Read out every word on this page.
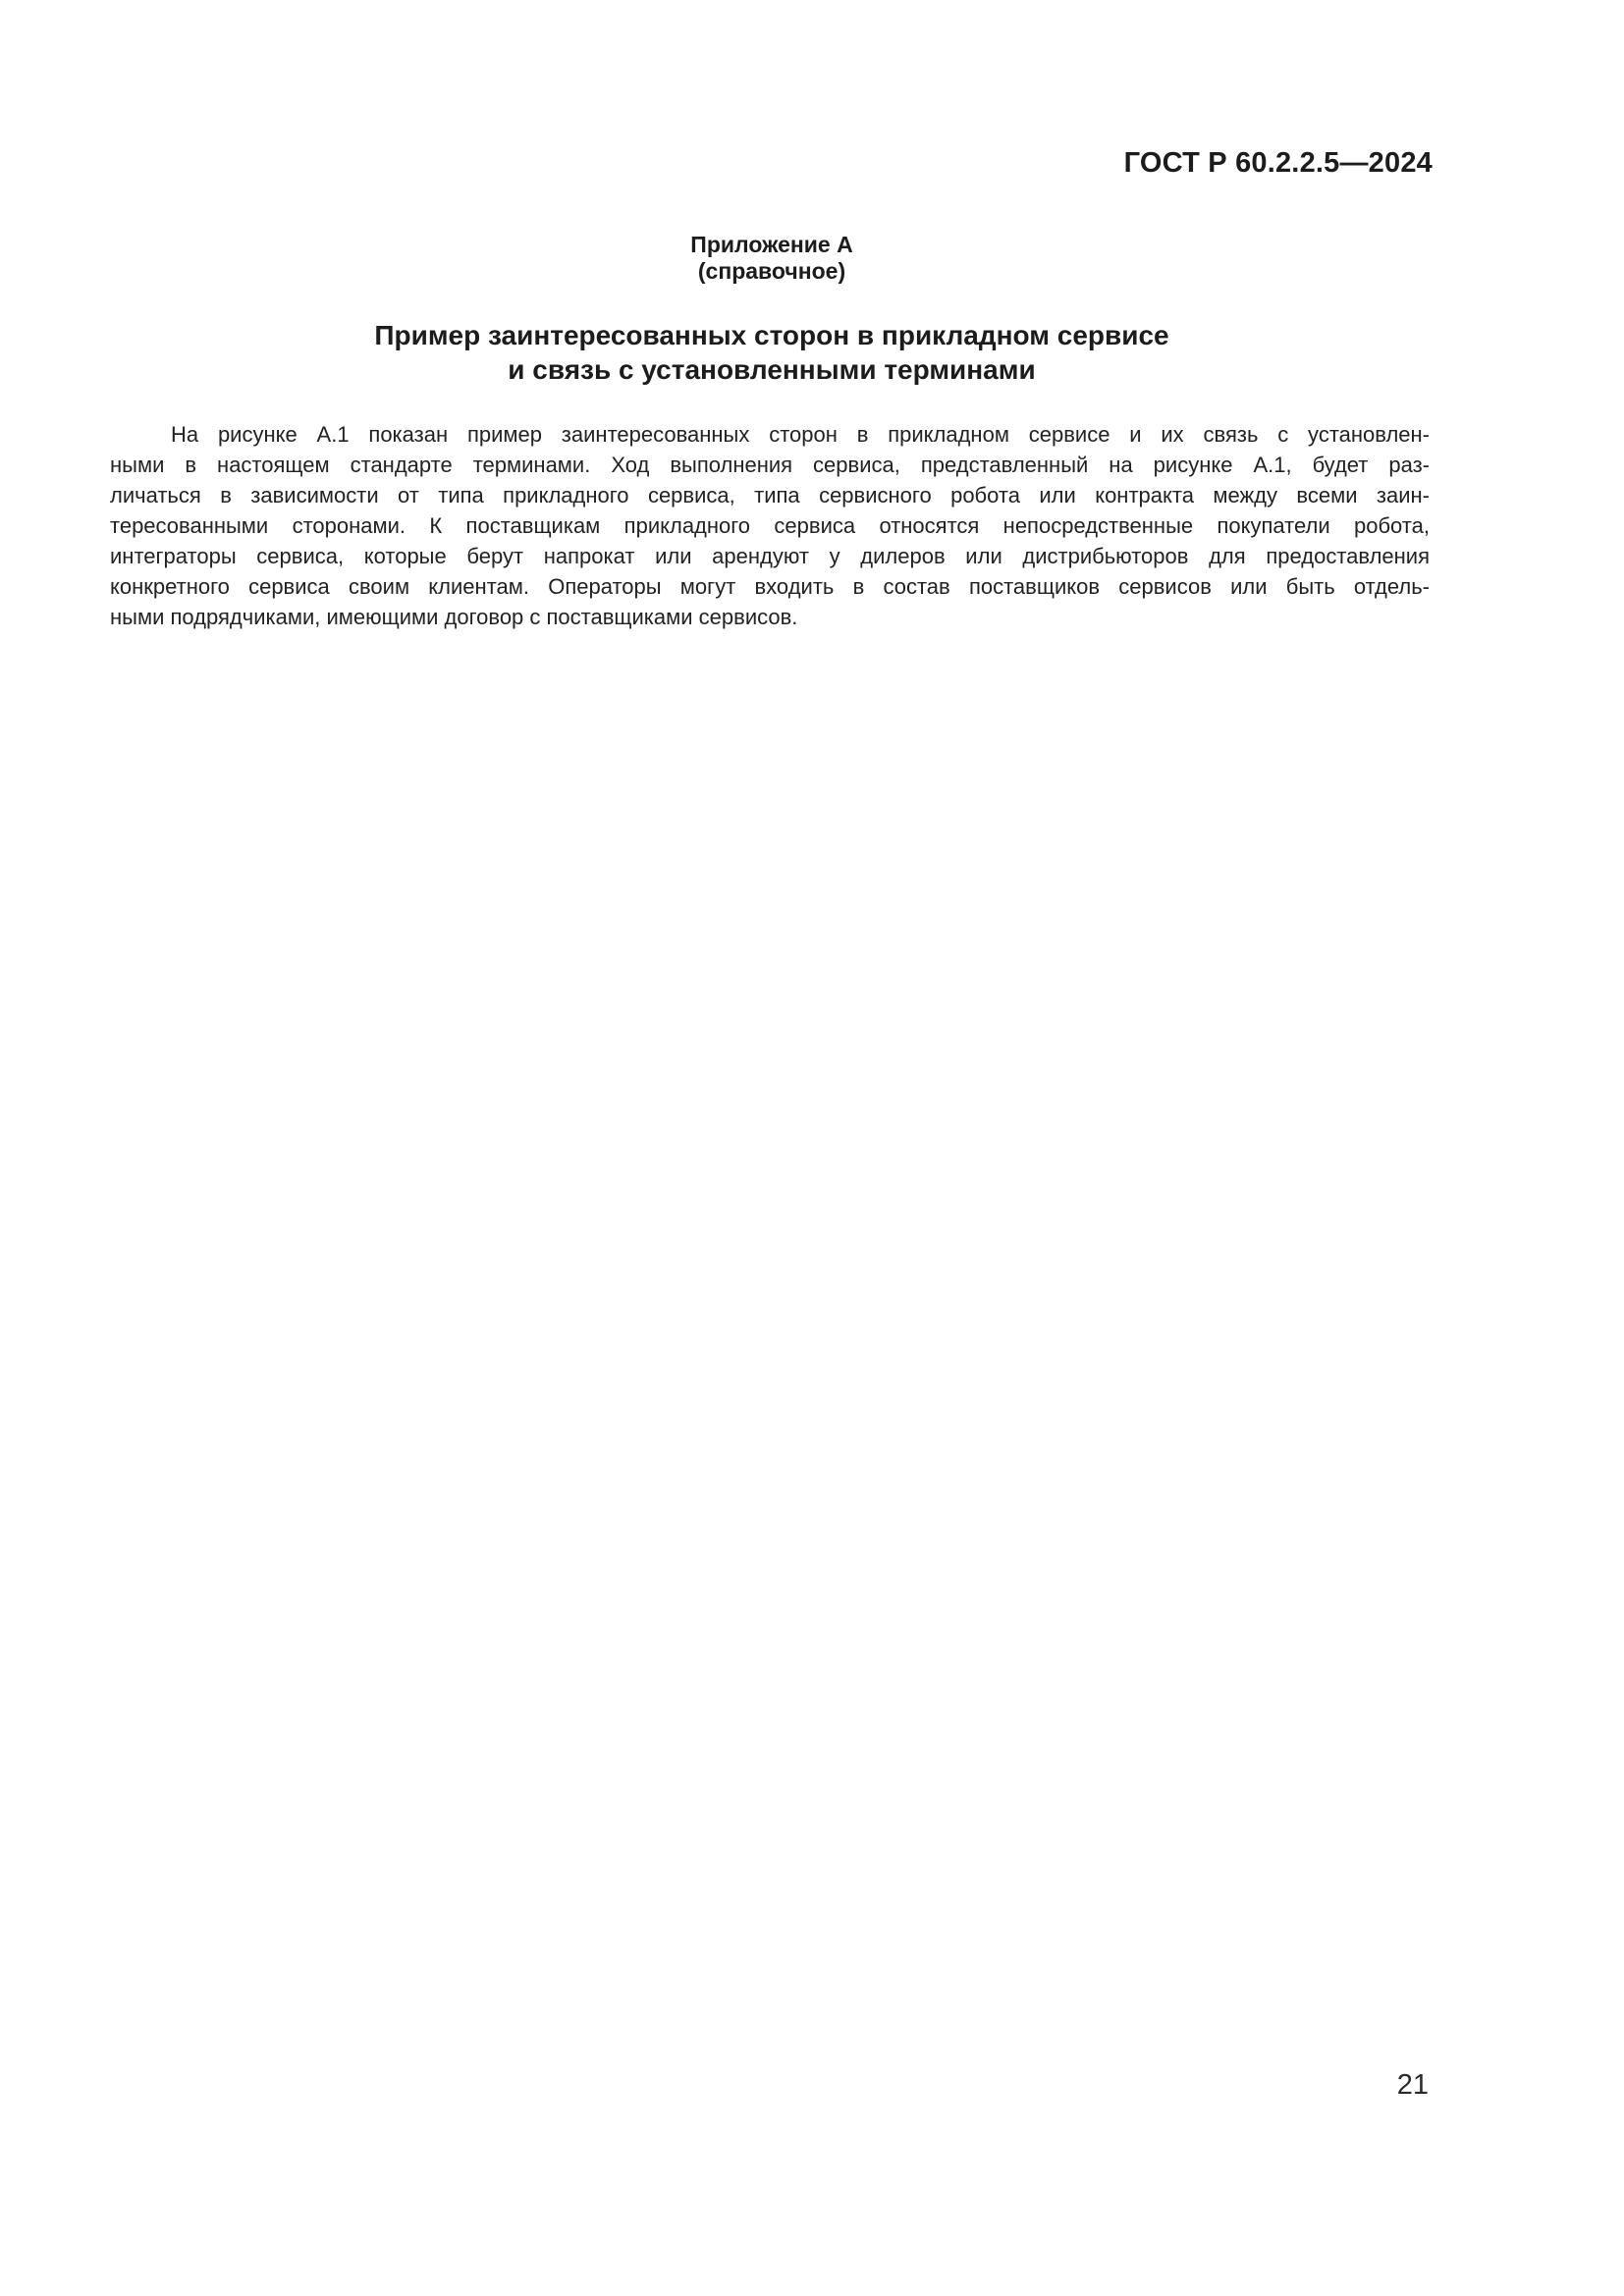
ГОСТ Р 60.2.2.5—2024
Приложение А
(справочное)
Пример заинтересованных сторон в прикладном сервисе
и связь с установленными терминами
На рисунке А.1 показан пример заинтересованных сторон в прикладном сервисе и их связь с установлен-
ными в настоящем стандарте терминами. Ход выполнения сервиса, представленный на рисунке А.1, будет раз-
личаться в зависимости от типа прикладного сервиса, типа сервисного робота или контракта между всеми заин-
тересованными сторонами. К поставщикам прикладного сервиса относятся непосредственные покупатели робота,
интеграторы сервиса, которые берут напрокат или арендуют у дилеров или дистрибьюторов для предоставления
конкретного сервиса своим клиентам. Операторы могут входить в состав поставщиков сервисов или быть отдель-
ными подрядчиками, имеющими договор с поставщиками сервисов.
21
